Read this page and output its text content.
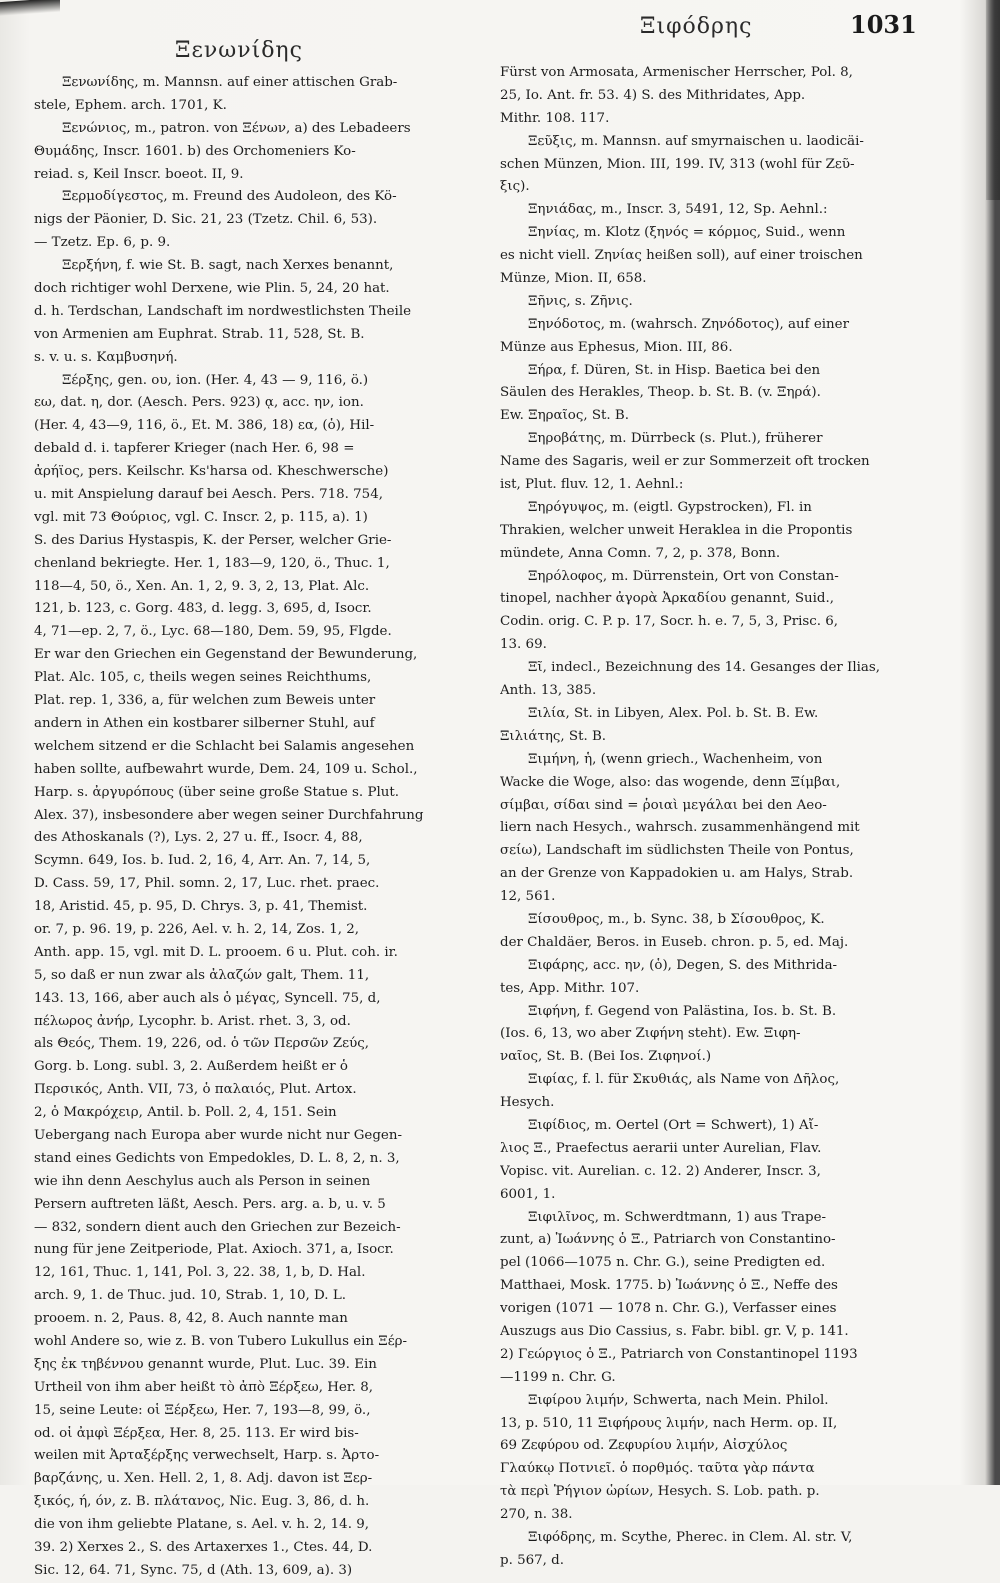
Ξενωνίδης
Ξιφόδρης	1031
Ξενωνίδης, m. Mannsn. auf einer attischen Grab-
stele, Ephem. arch. 1701, K.
Ξενώνιος, m., patron. von Ξένων, a) des Lebadeers
Θυμάδης, Inscr. 1601. b) des Orchomeniers Ko-
reiad. s, Keil Inscr. boeot. II, 9.
Ξερμοδίγεστος, m. Freund des Audoleon, des Kö-
nigs der Päonier, D. Sic. 21, 23 (Tzetz. Chil. 6, 53).
— Tzetz. Ep. 6, p. 9.
Ξερξήνη, f. wie St. B. sagt, nach Xerxes benannt,
doch richtiger wohl Derxene, wie Plin. 5, 24, 20 hat.
d. h. Terdschan, Landschaft im nordwestlichsten Theile
von Armenien am Euphrat. Strab. 11, 528, St. B.
s. v. u. s. Καμβυσηνή.
Ξέρξης, gen. ου, ion. (Her. 4, 43 — 9, 116, ö.)
εω, dat. η, dor. (Aesch. Pers. 923) ᾳ, acc. ην, ion.
(Her. 4, 43—9, 116, ö., Et. M. 386, 18) εα, (ὁ), Hil-
debald d. i. tapferer Krieger (nach Her. 6, 98 =
ἀρήϊος, pers. Keilschr. Ks'harsa od. Kheschwersche)
u. mit Anspielung darauf bei Aesch. Pers. 718. 754,
vgl. mit 73 Θούριος, vgl. C. Inscr. 2, p. 115, a). 1)
S. des Darius Hystaspis, K. der Perser, welcher Grie-
chenland bekriegte. Her. 1, 183—9, 120, ö., Thuc. 1,
118—4, 50, ö., Xen. An. 1, 2, 9. 3, 2, 13, Plat. Alc.
121, b. 123, c. Gorg. 483, d. legg. 3, 695, d, Isocr.
4, 71—ep. 2, 7, ö., Lyc. 68—180, Dem. 59, 95, Flgde.
Er war den Griechen ein Gegenstand der Bewunderung,
Plat. Alc. 105, c, theils wegen seines Reichthums,
Plat. rep. 1, 336, a, für welchen zum Beweis unter
andern in Athen ein kostbarer silberner Stuhl, auf
welchem sitzend er die Schlacht bei Salamis angesehen
haben sollte, aufbewahrt wurde, Dem. 24, 109 u. Schol.,
Harp. s. ἀργυρόπους (über seine große Statue s. Plut.
Alex. 37), insbesondere aber wegen seiner Durchfahrung
des Athoskanals (?), Lys. 2, 27 u. ff., Isocr. 4, 88,
Scymn. 649, Ios. b. Iud. 2, 16, 4, Arr. An. 7, 14, 5,
D. Cass. 59, 17, Phil. somn. 2, 17, Luc. rhet. praec.
18, Aristid. 45, p. 95, D. Chrys. 3, p. 41, Themist.
or. 7, p. 96. 19, p. 226, Ael. v. h. 2, 14, Zos. 1, 2,
Anth. app. 15, vgl. mit D. L. prooem. 6 u. Plut. coh. ir.
5, so daß er nun zwar als ἀλαζών galt, Them. 11,
143. 13, 166, aber auch als ὁ μέγας, Syncell. 75, d,
πέλωρος ἀνήρ, Lycophr. b. Arist. rhet. 3, 3, od.
als Θεός, Them. 19, 226, od. ὁ τῶν Περσῶν Ζεύς,
Gorg. b. Long. subl. 3, 2. Außerdem heißt er ὁ
Περσικός, Anth. VII, 73, ὁ παλαιός, Plut. Artox.
2, ὁ Μακρόχειρ, Antil. b. Poll. 2, 4, 151. Sein
Uebergang nach Europa aber wurde nicht nur Gegen-
stand eines Gedichts von Empedokles, D. L. 8, 2, n. 3,
wie ihn denn Aeschylus auch als Person in seinen
Persern auftreten läßt, Aesch. Pers. arg. a. b, u. v. 5
— 832, sondern dient auch den Griechen zur Bezeich-
nung für jene Zeitperiode, Plat. Axioch. 371, a, Isocr.
12, 161, Thuc. 1, 141, Pol. 3, 22. 38, 1, b, D. Hal.
arch. 9, 1. de Thuc. jud. 10, Strab. 1, 10, D. L.
prooem. n. 2, Paus. 8, 42, 8. Auch nannte man
wohl Andere so, wie z. B. von Tubero Lukullus ein Ξέρ-
ξης ἐκ τηβέννου genannt wurde, Plut. Luc. 39. Ein
Urtheil von ihm aber heißt τὸ ἀπὸ Ξέρξεω, Her. 8,
15, seine Leute: οἱ Ξέρξεω, Her. 7, 193—8, 99, ö.,
od. οἱ ἀμφὶ Ξέρξεα, Her. 8, 25. 113. Er wird bis-
weilen mit Ἀρταξέρξης verwechselt, Harp. s. Ἀρτο-
βαρζάνης, u. Xen. Hell. 2, 1, 8. Adj. davon ist Ξερ-
ξικός, ή, όν, z. B. πλάτανος, Nic. Eug. 3, 86, d. h.
die von ihm geliebte Platane, s. Ael. v. h. 2, 14. 9,
39. 2) Xerxes 2., S. des Artaxerxes 1., Ctes. 44, D.
Sic. 12, 64. 71, Sync. 75, d (Ath. 13, 609, a). 3)
Fürst von Armosata, Armenischer Herrscher, Pol. 8,
25, Io. Ant. fr. 53. 4) S. des Mithridates, App.
Mithr. 108. 117.
Ξεῦξις, m. Mannsn. auf smyrnaischen u. laodicäi-
schen Münzen, Mion. III, 199. IV, 313 (wohl für Ζεῦ-
ξις).
Ξηνιάδας, m., Inscr. 3, 5491, 12, Sp. Aehnl.:
Ξηνίας, m. Klotz (ξηνός = κόρμος, Suid., wenn
es nicht viell. Ζηνίας heißen soll), auf einer troischen
Münze, Mion. II, 658.
Ξῆνις, s. Ζῆνις.
Ξηνόδοτος, m. (wahrsch. Ζηνόδοτος), auf einer
Münze aus Ephesus, Mion. III, 86.
Ξήρα, f. Düren, St. in Hisp. Baetica bei den
Säulen des Herakles, Theop. b. St. B. (v. Ξηρά).
Ew. Ξηραῖος, St. B.
Ξηροβάτης, m. Dürrbeck (s. Plut.), früherer
Name des Sagaris, weil er zur Sommerzeit oft trocken
ist, Plut. fluv. 12, 1. Aehnl.:
Ξηρόγυψος, m. (eigtl. Gypstrocken), Fl. in
Thrakien, welcher unweit Heraklea in die Propontis
mündete, Anna Comn. 7, 2, p. 378, Bonn.
Ξηρόλοφος, m. Dürrenstein, Ort von Constan-
tinopel, nachher ἀγορὰ Ἀρκαδίου genannt, Suid.,
Codin. orig. C. P. p. 17, Socr. h. e. 7, 5, 3, Prisc. 6,
13. 69.
Ξῖ, indecl., Bezeichnung des 14. Gesanges der Ilias,
Anth. 13, 385.
Ξιλία, St. in Libyen, Alex. Pol. b. St. B. Ew.
Ξιλιάτης, St. B.
Ξιμήνη, ἡ, (wenn griech., Wachenheim, von
Wacke die Woge, also: das wogende, denn Ξίμβαι,
σίμβαι, σίδαι sind = ῥοιαὶ μεγάλαι bei den Aeo-
liern nach Hesych., wahrsch. zusammenhängend mit
σείω), Landschaft im südlichsten Theile von Pontus,
an der Grenze von Kappadokien u. am Halys, Strab.
12, 561.
Ξίσουθρος, m., b. Sync. 38, b Σίσουθρος, K.
der Chaldäer, Beros. in Euseb. chron. p. 5, ed. Maj.
Ξιφάρης, acc. ην, (ὁ), Degen, S. des Mithrida-
tes, App. Mithr. 107.
Ξιφήνη, f. Gegend von Palästina, Ios. b. St. B.
(Ios. 6, 13, wo aber Ζιφήνη steht). Ew. Ξιφη-
ναῖος, St. B. (Bei Ios. Ζιφηνοί.)
Ξιφίας, f. l. für Σκυθιάς, als Name von Δῆλος,
Hesych.
Ξιφίδιος, m. Oertel (Ort = Schwert), 1) Αἴ-
λιος Ξ., Praefectus aerarii unter Aurelian, Flav.
Vopisc. vit. Aurelian. c. 12. 2) Anderer, Inscr. 3,
6001, 1.
Ξιφιλῖνος, m. Schwerdtmann, 1) aus Trape-
zunt, a) Ἰωάννης ὁ Ξ., Patriarch von Constantino-
pel (1066—1075 n. Chr. G.), seine Predigten ed.
Matthaei, Mosk. 1775. b) Ἰωάννης ὁ Ξ., Neffe des
vorigen (1071 — 1078 n. Chr. G.), Verfasser eines
Auszugs aus Dio Cassius, s. Fabr. bibl. gr. V, p. 141.
2) Γεώργιος ὁ Ξ., Patriarch von Constantinopel 1193
—1199 n. Chr. G.
Ξιφίρου λιμήν, Schwerta, nach Mein. Philol.
13, p. 510, 11 Ξιφήρους λιμήν, nach Herm. op. II,
69 Ζεφύρου od. Ζεφυρίου λιμήν, Αἰσχύλος
Γλαύκῳ Ποτνιεῖ. ὁ πορθμός. ταῦτα γὰρ πάντα
τὰ περὶ Ῥήγιον ὡρίων, Hesych. S. Lob. path. p.
270, n. 38.
Ξιφόδρης, m. Scythe, Pherec. in Clem. Al. str. V,
p. 567, d.
